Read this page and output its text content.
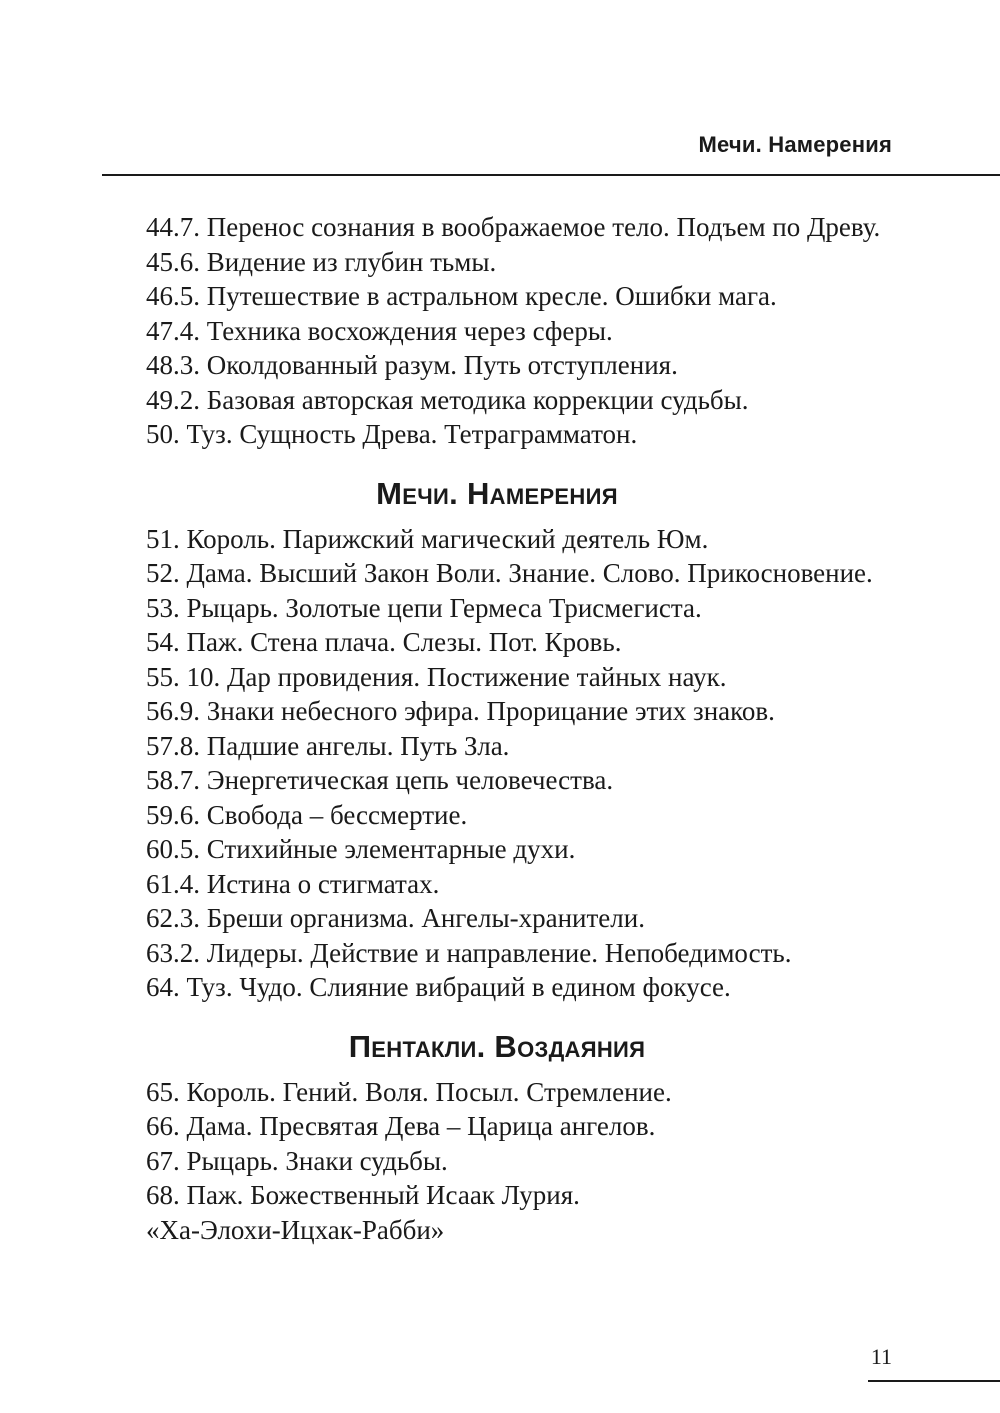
Мечи. Намерения

44.7. Перенос сознания в воображаемое тело. Подъем по Древу.

45.6. Видение из глубин тьмы.

46.5. Путешествие в астральном кресле. Ошибки мага.

47.4. Техника восхождения через сферы.

48.3. Околдованный разум. Путь отступления.

49.2. Базовая авторская методика коррекции судьбы.

50. Туз. Сущность Древа. Тетраграмматон.

Мечи. Намерения

51. Король. Парижский магический деятель Юм.

52. Дама. Высший Закон Воли. Знание. Слово. Прикосновение.

53. Рыцарь. Золотые цепи Гермеса Трисмегиста.

54. Паж. Стена плача. Слезы. Пот. Кровь.

55. 10. Дар провидения. Постижение тайных наук.

56.9. Знаки небесного эфира. Прорицание этих знаков.

57.8. Падшие ангелы. Путь Зла.

58.7. Энергетическая цепь человечества.

59.6. Свобода – бессмертие.

60.5. Стихийные элементарные духи.

61.4. Истина о стигматах.

62.3. Бреши организма. Ангелы-хранители.

63.2. Лидеры. Действие и направление. Непобедимость.

64. Туз. Чудо. Слияние вибраций в едином фокусе.

Пентакли. Воздаяния

65. Король. Гений. Воля. Посыл. Стремление.

66. Дама. Пресвятая Дева – Царица ангелов.

67. Рыцарь. Знаки судьбы.

68. Паж. Божественный Исаак Лурия.

«Ха-Элохи-Ицхак-Рабби»

11
